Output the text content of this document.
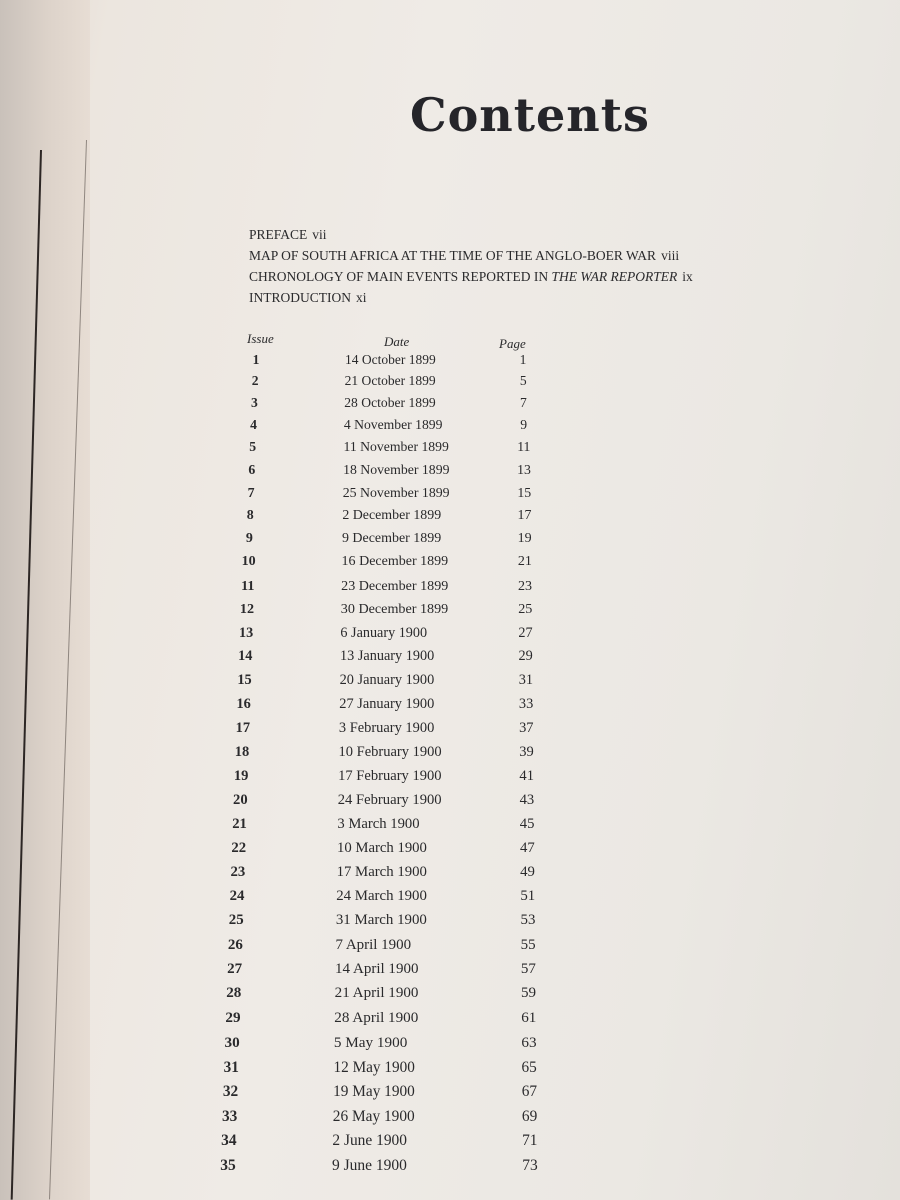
Contents
PREFACE vii
MAP OF SOUTH AFRICA AT THE TIME OF THE ANGLO-BOER WAR viii
CHRONOLOGY OF MAIN EVENTS REPORTED IN THE WAR REPORTER ix
INTRODUCTION xi
Issue	Date	Page
1	14 October 1899	1
2	21 October 1899	5
3	28 October 1899	7
4	4 November 1899	9
5	11 November 1899	11
6	18 November 1899	13
7	25 November 1899	15
8	2 December 1899	17
9	9 December 1899	19
10	16 December 1899	21
11	23 December 1899	23
12	30 December 1899	25
13	6 January 1900	27
14	13 January 1900	29
15	20 January 1900	31
16	27 January 1900	33
17	3 February 1900	37
18	10 February 1900	39
19	17 February 1900	41
20	24 February 1900	43
21	3 March 1900	45
22	10 March 1900	47
23	17 March 1900	49
24	24 March 1900	51
25	31 March 1900	53
26	7 April 1900	55
27	14 April 1900	57
28	21 April 1900	59
29	28 April 1900	61
30	5 May 1900	63
31	12 May 1900	65
32	19 May 1900	67
33	26 May 1900	69
34	2 June 1900	71
35	9 June 1900	73
